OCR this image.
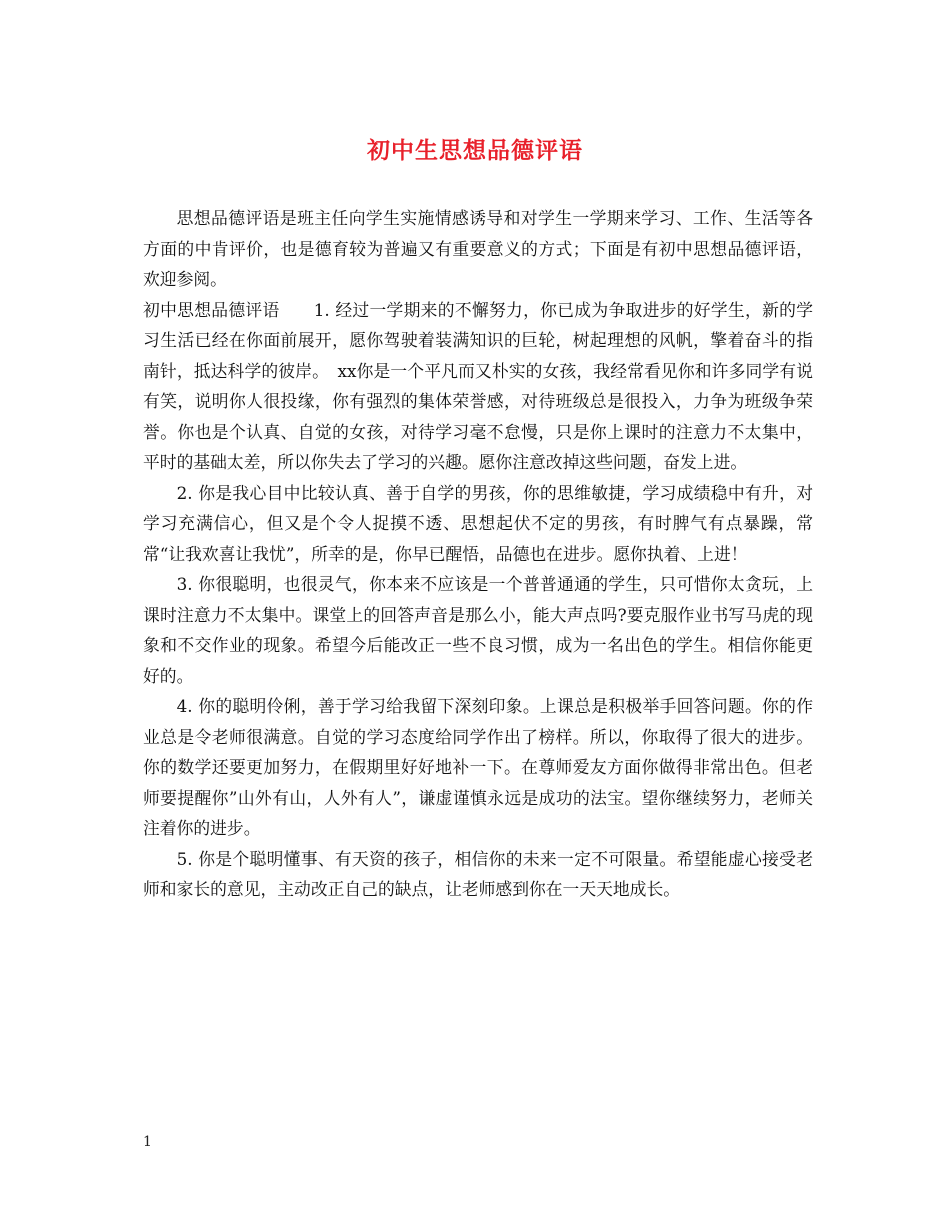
初中生思想品德评语

思想品德评语是班主任向学生实施情感诱导和对学生一学期来学习、工作、生活等各方面的中肯评价，也是德育较为普遍又有重要意义的方式；下面是有初中思想品德评语，欢迎参阅。

初中思想品德评语　　1. 经过一学期来的不懈努力，你已成为争取进步的好学生，新的学习生活已经在你面前展开，愿你驾驶着装满知识的巨轮，树起理想的风帆，擎着奋斗的指南针，抵达科学的彼岸。　xx你是一个平凡而又朴实的女孩，我经常看见你和许多同学有说有笑，说明你人很投缘，你有强烈的集体荣誉感，对待班级总是很投入，力争为班级争荣誉。你也是个认真、自觉的女孩，对待学习毫不怠慢，只是你上课时的注意力不太集中，平时的基础太差，所以你失去了学习的兴趣。愿你注意改掉这些问题，奋发上进。

2. 你是我心目中比较认真、善于自学的男孩，你的思维敏捷，学习成绩稳中有升，对学习充满信心，但又是个令人捉摸不透、思想起伏不定的男孩，有时脾气有点暴躁，常常“让我欢喜让我忧”，所幸的是，你早已醒悟，品德也在进步。愿你执着、上进！

3. 你很聪明，也很灵气，你本来不应该是一个普普通通的学生，只可惜你太贪玩，上课时注意力不太集中。课堂上的回答声音是那么小，能大声点吗?要克服作业书写马虎的现象和不交作业的现象。希望今后能改正一些不良习惯，成为一名出色的学生。相信你能更好的。

4. 你的聪明伶俐，善于学习给我留下深刻印象。上课总是积极举手回答问题。你的作业总是令老师很满意。自觉的学习态度给同学作出了榜样。所以，你取得了很大的进步。你的数学还要更加努力，在假期里好好地补一下。在尊师爱友方面你做得非常出色。但老师要提醒你”山外有山，人外有人”，谦虚谨慎永远是成功的法宝。望你继续努力，老师关注着你的进步。

5. 你是个聪明懂事、有天资的孩子，相信你的未来一定不可限量。希望能虚心接受老师和家长的意见，主动改正自己的缺点，让老师感到你在一天天地成长。

1
